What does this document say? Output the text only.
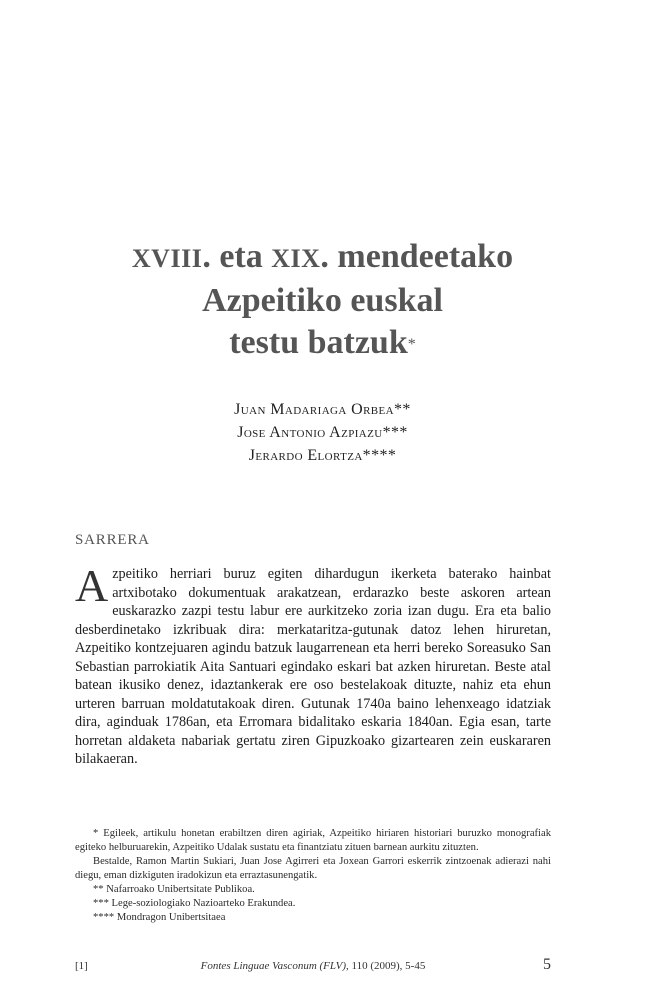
XVIII. eta XIX. mendeetako
Azpeitiko euskal
testu batzuk*
Juan Madariaga Orbea**
Jose Antonio Azpiazu***
Jerardo Elortza****
SARRERA
Azpeitiko herriari buruz egiten dihardugun ikerketa baterako hainbat artxibotako dokumentuak arakatzean, erdarazko beste askoren artean euskarazko zazpi testu labur ere aurkitzeko zoria izan dugu. Era eta balio desberdinetako izkribuak dira: merkataritza-gutunak datoz lehen hiruretan, Azpeitiko kontzejuaren agindu batzuk laugarrenean eta herri bereko Soreasuko San Sebastian parrokiatik Aita Santuari egindako eskari bat azken hiruretan. Beste atal batean ikusiko denez, idaztankerak ere oso bestelakoak dituzte, nahiz eta ehun urteren barruan moldatutakoak diren. Gutunak 1740a baino lehenxeago idatziak dira, aginduak 1786an, eta Erromara bidalitako eskaria 1840an. Egia esan, tarte horretan aldaketa nabariak gertatu ziren Gipuzkoako gizartearen zein euskararen bilakaeran.

* Egileek, artikulu honetan erabiltzen diren agiriak, Azpeitiko hiriaren historiari buruzko monografiak egiteko helburuarekin, Azpeitiko Udalak sustatu eta finantziatu zituen barnean aurkitu zituzten.

Bestalde, Ramon Martin Sukiari, Juan Jose Agirreri eta Joxean Garrori eskerrik zintzoenak adierazi nahi diegu, eman dizkiguten iradokizun eta erraztasunengatik.

** Nafarroako Unibertsitate Publikoa.

*** Lege-soziologiako Nazioarteko Erakundea.

**** Mondragon Unibertsitaea

[1]	Fontes Linguae Vasconum (FLV), 110 (2009), 5-45	5
